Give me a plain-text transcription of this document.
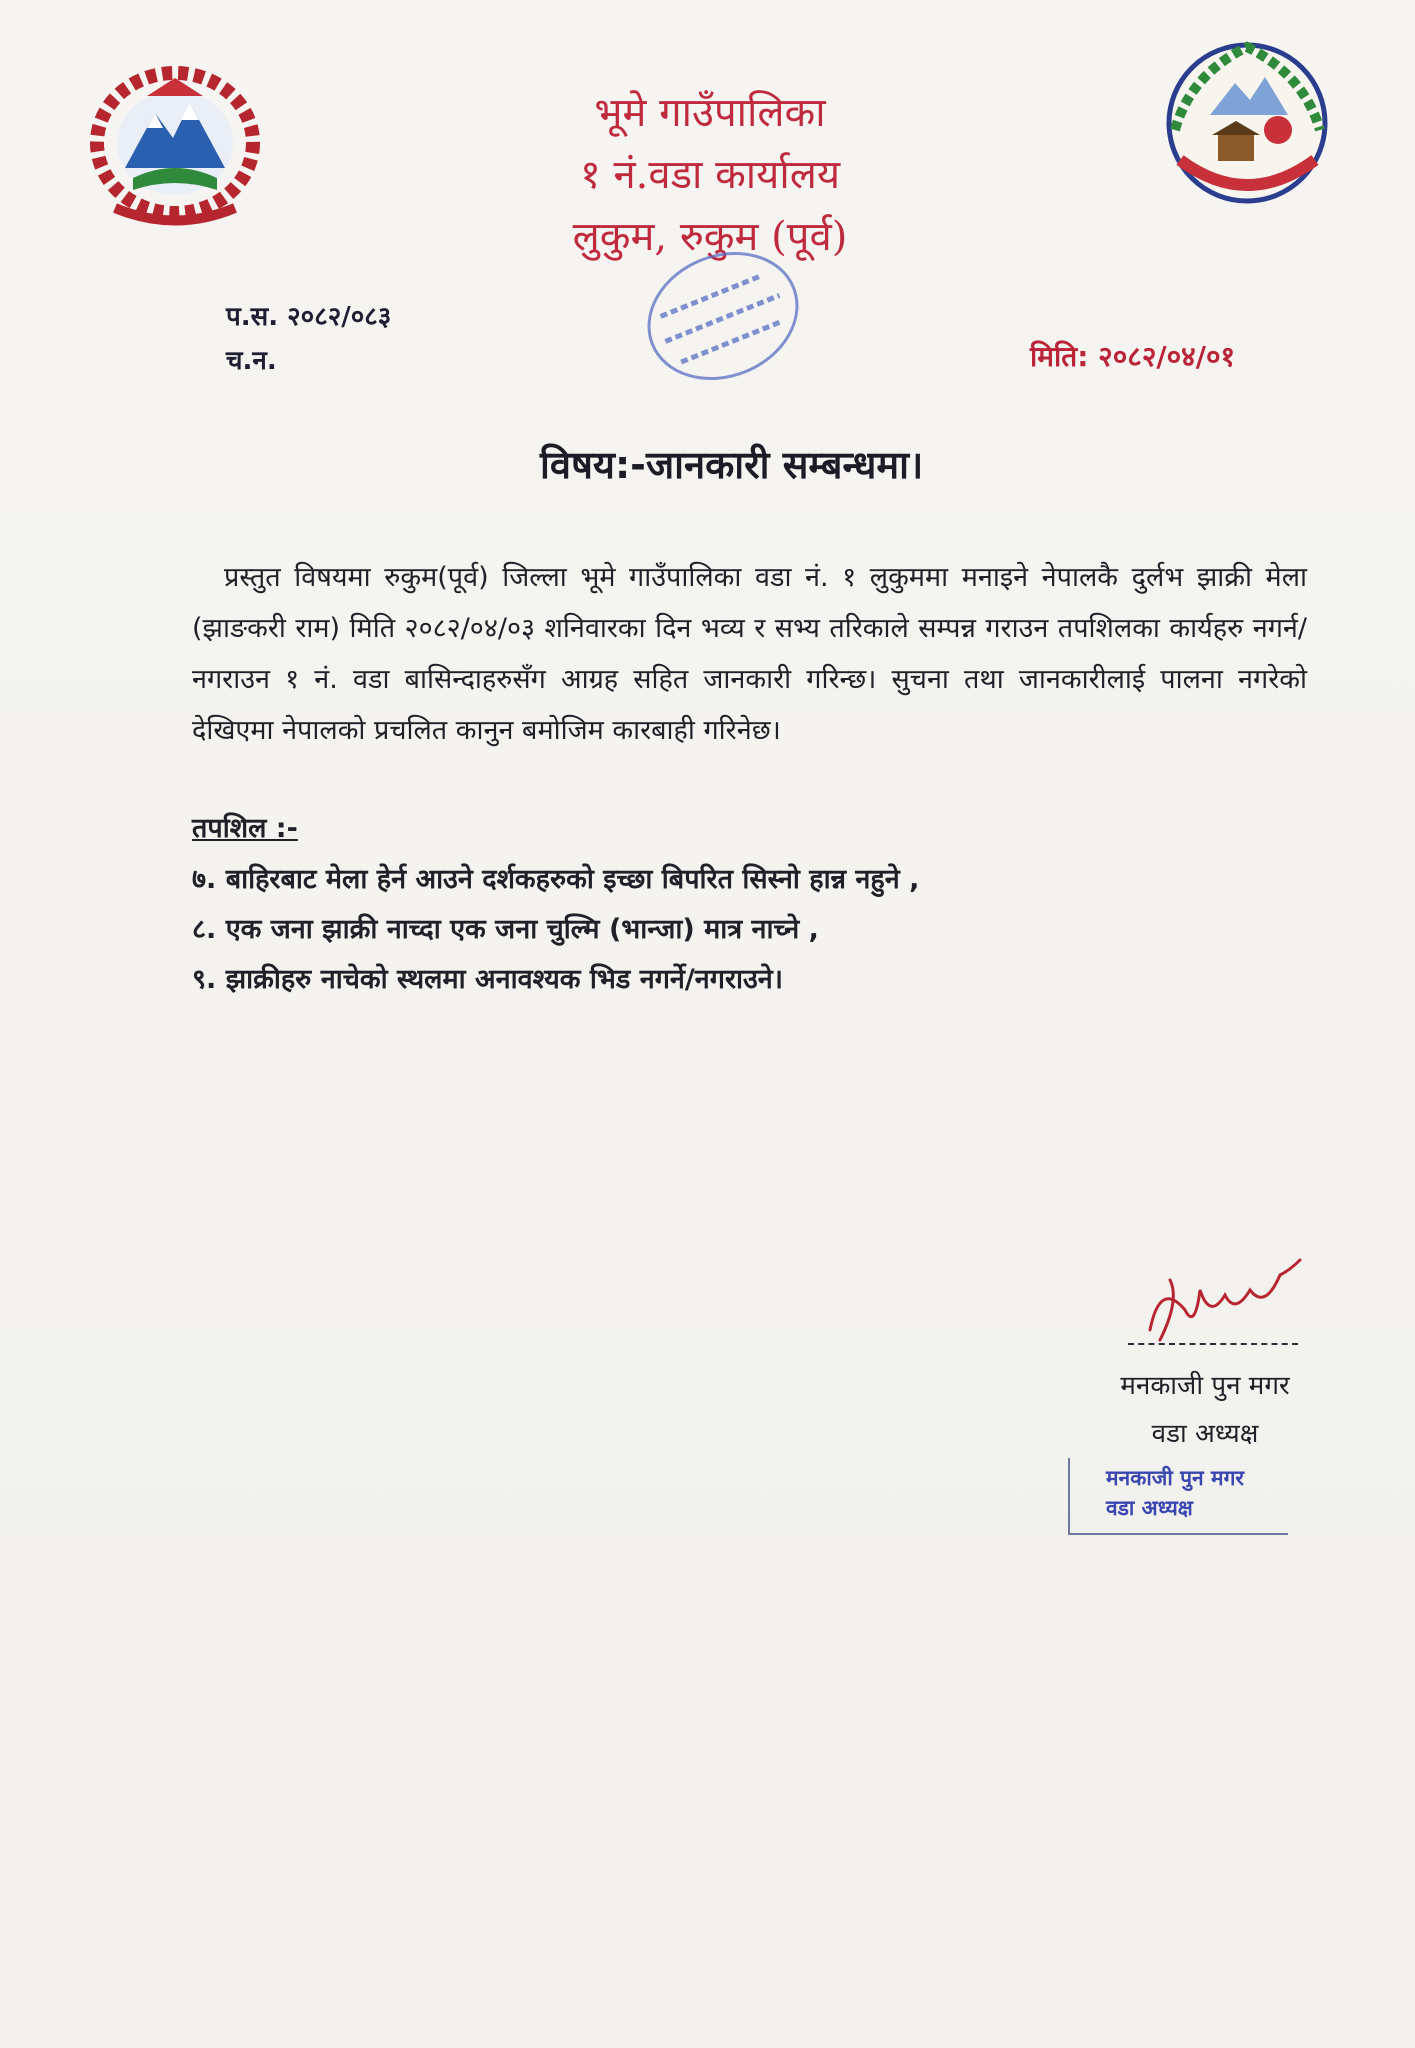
भूमे गाउँपालिका
१ नं.वडा कार्यालय
लुकुम, रुकुम (पूर्व)
प.स. २०८२/०८३
च.न.	मिति: २०८२/०४/०१
विषय:-जानकारी सम्बन्धमा।
प्रस्तुत विषयमा रुकुम(पूर्व) जिल्ला भूमे गाउँपालिका वडा नं. १ लुकुममा मनाइने नेपालकै दुर्लभ झाक्री मेला (झाङकरी राम) मिति २०८२/०४/०३ शनिवारका दिन भव्य र सभ्य तरिकाले सम्पन्न गराउन तपशिलका कार्यहरु नगर्न/नगराउन १ नं. वडा बासिन्दाहरुसँग आग्रह सहित जानकारी गरिन्छ। सुचना तथा जानकारीलाई पालना नगरेको देखिएमा नेपालको प्रचलित कानुन बमोजिम कारबाही गरिनेछ।
तपशिल :-
७. बाहिरबाट मेला हेर्न आउने दर्शकहरुको इच्छा बिपरित सिस्नो हान्न नहुने ,
८. एक जना झाक्री नाच्दा एक जना चुल्मि (भान्जा) मात्र नाच्ने ,
९. झाक्रीहरु नाचेको स्थलमा अनावश्यक भिड नगर्ने/नगराउने।
मनकाजी पुन मगर
वडा अध्यक्ष
मनकाजी पुन मगर
वडा अध्यक्ष
